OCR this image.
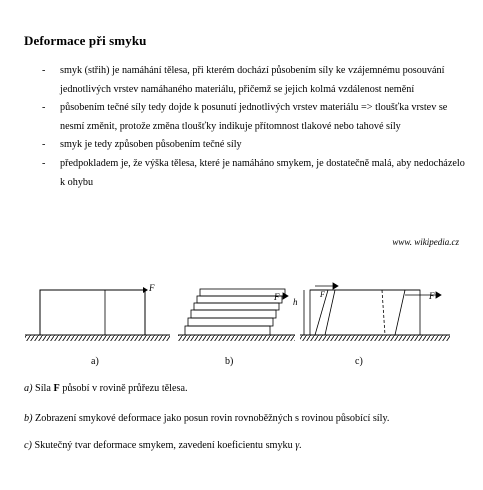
Deformace při smyku
- smyk (střih) je namáhání tělesa, při kterém dochází působením síly ke vzájemnému posouvání jednotlivých vrstev namáhaného materiálu, přičemž se jejich kolmá vzdálenost nemění
- působením tečné síly tedy dojde k posunutí jednotlivých vrstev materiálu => tloušťka vrstev se nesmí změnit, protože změna tloušťky indikuje přítomnost tlakové nebo tahové síly
- smyk je tedy způsoben působením tečné síly
- předpokladem je, že výška tělesa, které je namáháno smykem, je dostatečně malá, aby nedocházelo k ohybu
www. wikipedia.cz
F
F h
F	F
a)	b)	c)
a) Síla F působí v rovině průřezu tělesa.
b) Zobrazení smykové deformace jako posun rovin rovnoběžných s rovinou působící síly.
c) Skutečný tvar deformace smykem, zavedení koeficientu smyku γ.
